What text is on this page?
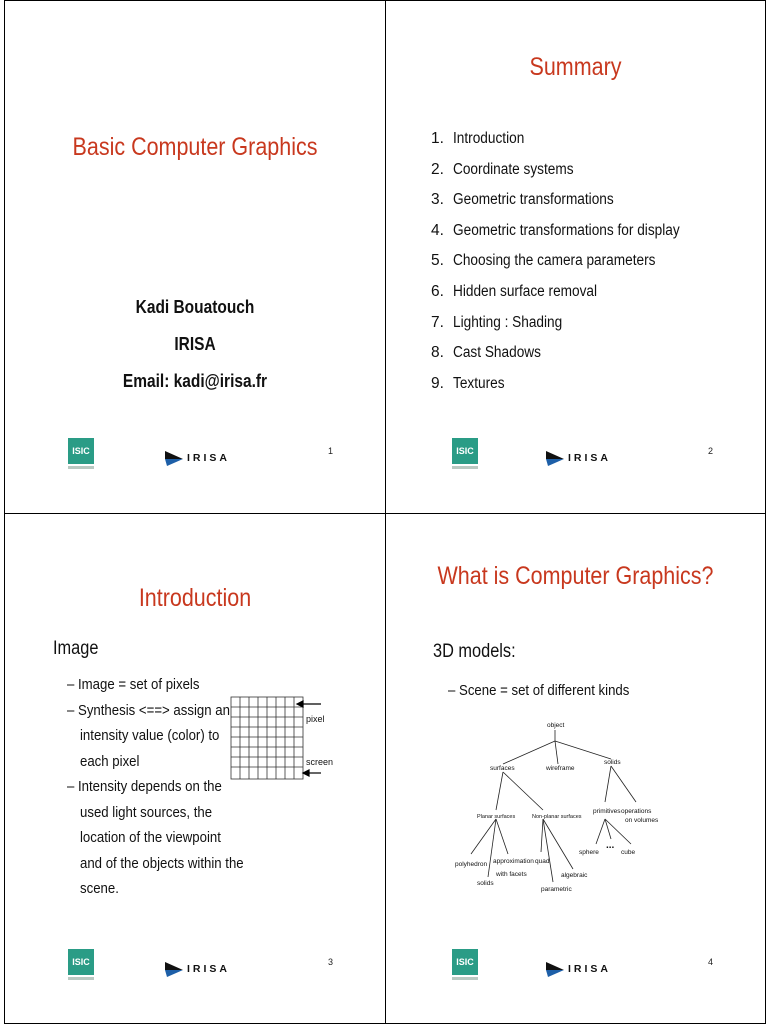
Basic Computer Graphics
Kadi Bouatouch
IRISA
Email: kadi@irisa.fr
ISIC
IRISA
1
Summary
1. Introduction
2. Coordinate systems
3. Geometric transformations
4. Geometric transformations for display
5. Choosing the camera parameters
6. Hidden surface removal
7. Lighting : Shading
8. Cast Shadows
9. Textures
ISIC
IRISA
2
Introduction
Image
– Image = set of pixels
– Synthesis <==> assign an
intensity value (color) to
each pixel
– Intensity depends on the
used light sources, the
location of the viewpoint
and of the objects within the
scene.
pixel
screen
ISIC
IRISA
3
What is Computer Graphics?
3D models:
– Scene = set of different kinds
object
surfaces	wireframe
solids
Planar surfaces	Non-planar surfaces
primitives operations
on volumes
polyhedron approximation
with facets
solids
quad
algebraic
parametric
sphere
...
cube
ISIC
IRISA
4
